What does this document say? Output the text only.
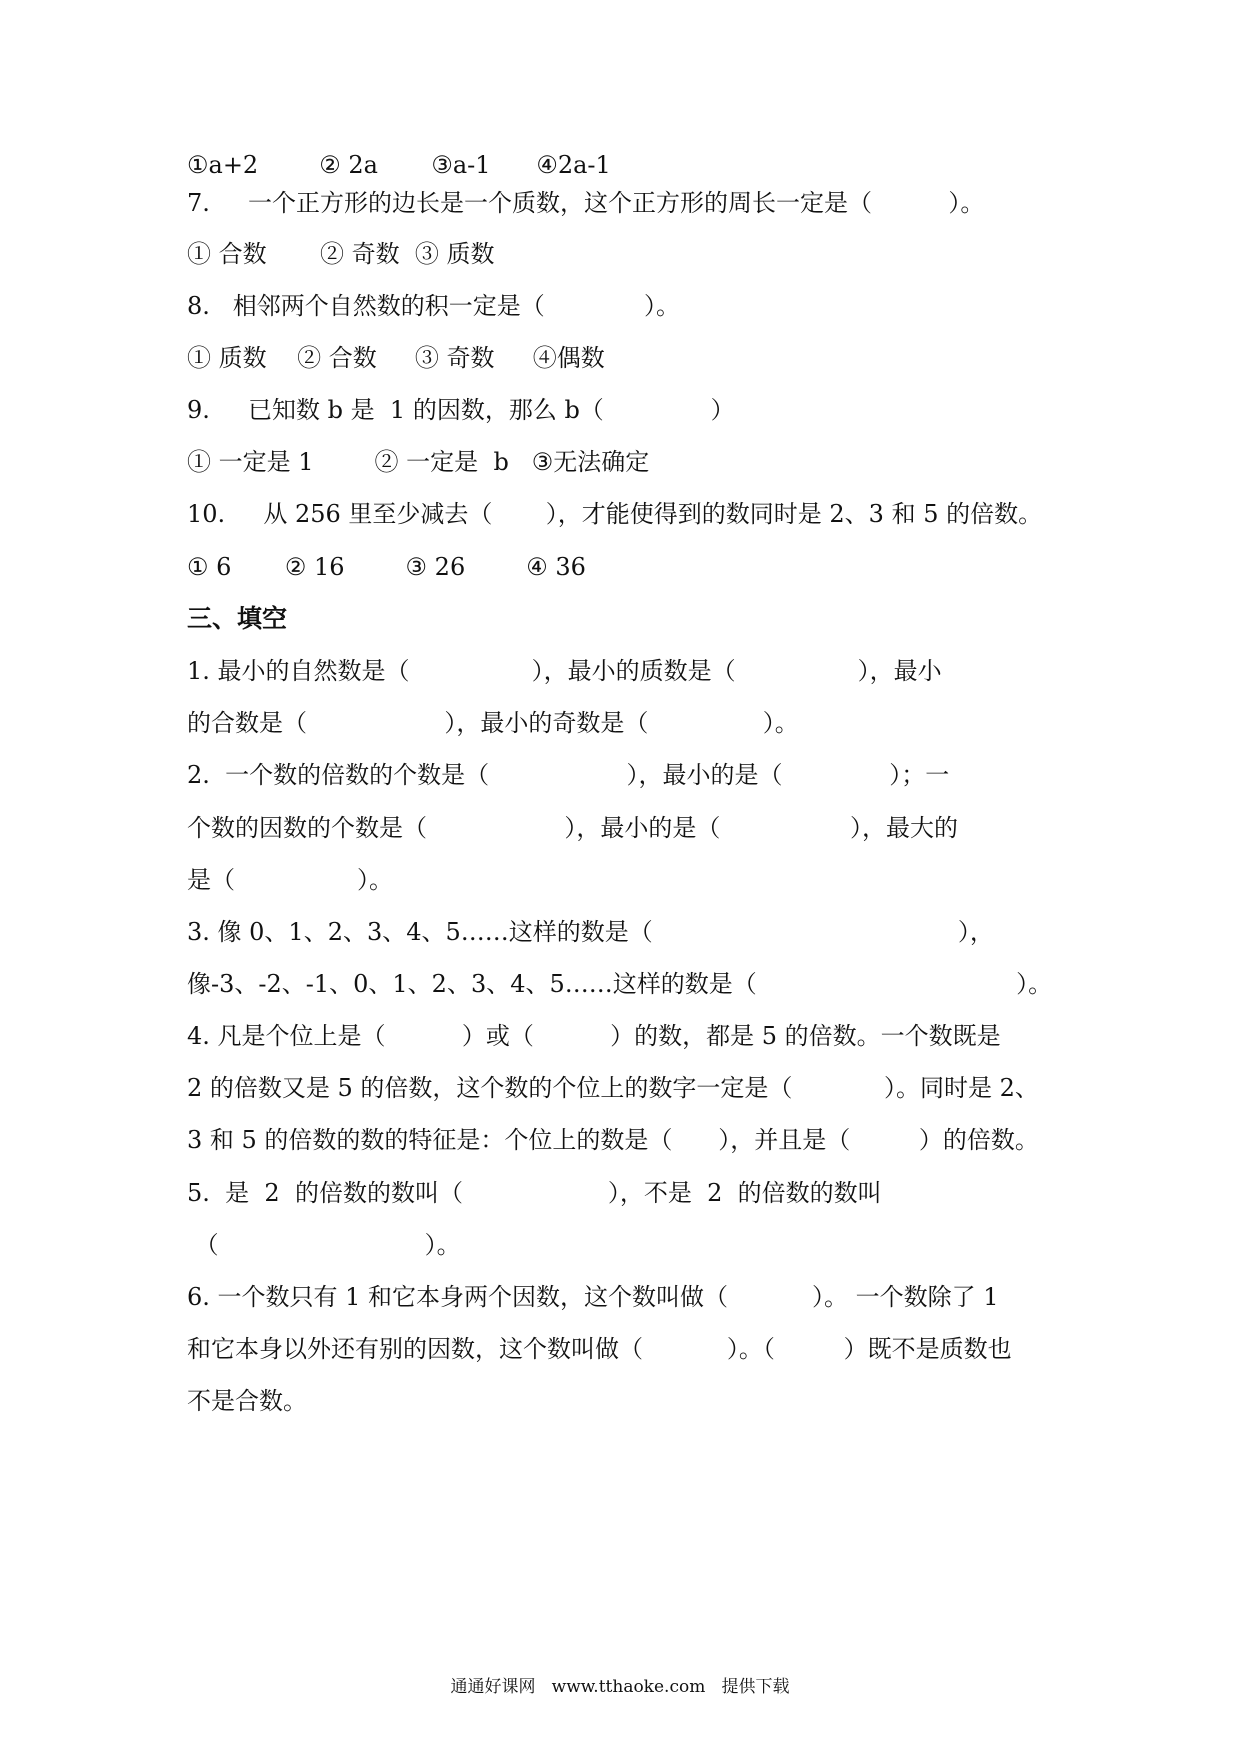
①a+2        ② 2a       ③a-1      ④2a-1
7.     一个正方形的边长是一个质数，这个正方形的周长一定是（          ）。
① 合数       ② 奇数  ③ 质数
8.   相邻两个自然数的积一定是（             ）。
① 质数    ② 合数     ③ 奇数     ④偶数
9.     已知数 b 是  1 的因数，那么 b（              ）
① 一定是 1        ② 一定是  b   ③无法确定
10.     从 256 里至少减去（       ），才能使得到的数同时是 2、3 和 5 的倍数。
① 6       ② 16        ③ 26        ④ 36
三、填空
1. 最小的自然数是（                ），最小的质数是（                ），最小
的合数是（                  ），最小的奇数是（               ）。
2.  一个数的倍数的个数是（                  ），最小的是（              ）；一
个数的因数的个数是（                  ），最小的是（                 ），最大的
是（                ）。
3. 像 0、1、2、3、4、5……这样的数是（                                        ），
像-3、-2、-1、0、1、2、3、4、5……这样的数是（                                  ）。
4. 凡是个位上是（          ）或（          ）的数，都是 5 的倍数。一个数既是
2 的倍数又是 5 的倍数，这个数的个位上的数字一定是（            ）。同时是 2、
3 和 5 的倍数的数的特征是：个位上的数是（      ），并且是（         ）的倍数。
5.  是  2  的倍数的数叫（                   ），不是  2  的倍数的数叫
（                           ）。
6. 一个数只有 1 和它本身两个因数，这个数叫做（           ）。 一个数除了 1
和它本身以外还有别的因数，这个数叫做（           ）。（         ）既不是质数也
不是合数。
通通好课网   www.tthaoke.com   提供下载
